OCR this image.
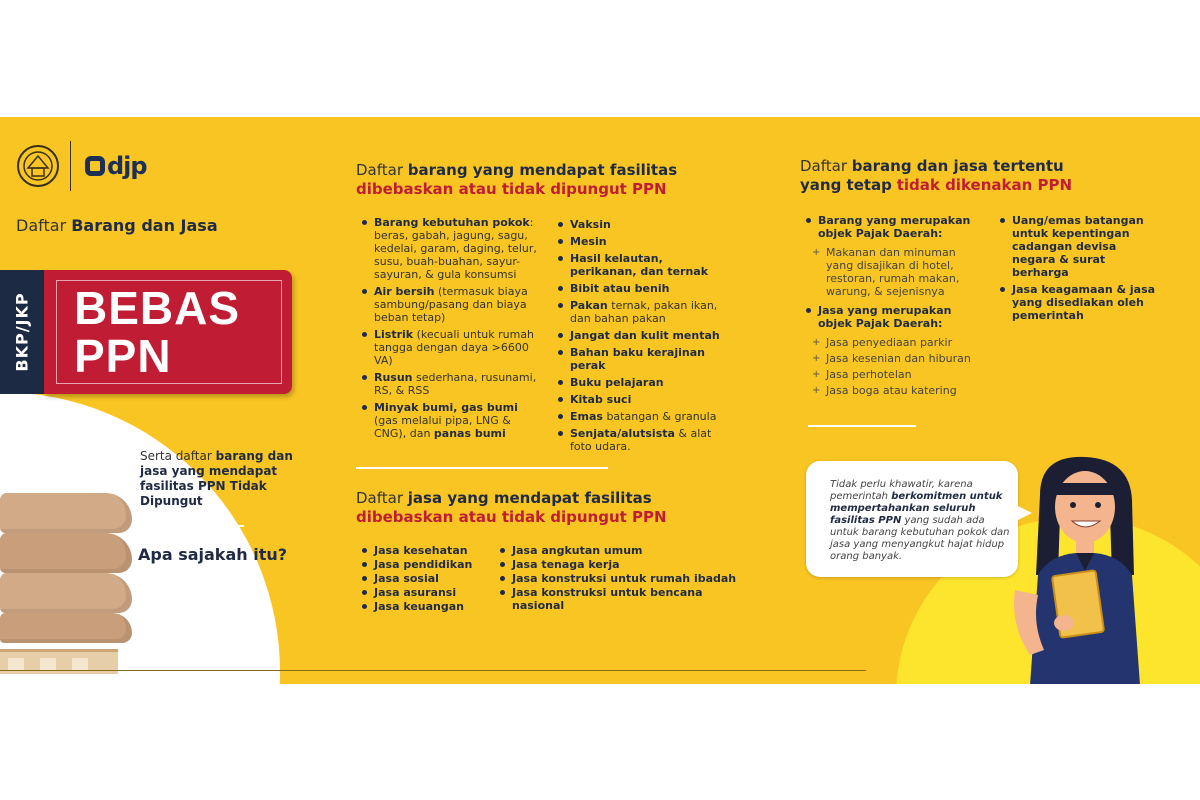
djp
Daftar Barang dan Jasa
BKP/JKP BEBAS
PPN
Serta daftar barang dan jasa yang mendapat fasilitas PPN Tidak Dipungut
Apa sajakah itu?
Daftar barang yang mendapat fasilitas
dibebaskan atau tidak dipungut PPN
Barang kebutuhan pokok: beras, gabah, jagung, sagu, kedelai, garam, daging, telur, susu, buah-buahan, sayur-sayuran, & gula konsumsi
Air bersih (termasuk biaya sambung/pasang dan biaya beban tetap)
Listrik (kecuali untuk rumah tangga dengan daya >6600 VA)
Rusun sederhana, rusunami, RS, & RSS
Minyak bumi, gas bumi (gas melalui pipa, LNG & CNG), dan panas bumi
Vaksin
Mesin
Hasil kelautan, perikanan, dan ternak
Bibit atau benih
Pakan ternak, pakan ikan, dan bahan pakan
Jangat dan kulit mentah
Bahan baku kerajinan perak
Buku pelajaran
Kitab suci
Emas batangan & granula
Senjata/alutsista & alat foto udara.
Daftar jasa yang mendapat fasilitas
dibebaskan atau tidak dipungut PPN
Jasa kesehatan
Jasa pendidikan
Jasa sosial
Jasa asuransi
Jasa keuangan
Jasa angkutan umum
Jasa tenaga kerja
Jasa konstruksi untuk rumah ibadah
Jasa konstruksi untuk bencana nasional
Daftar barang dan jasa tertentu
yang tetap tidak dikenakan PPN
Barang yang merupakan objek Pajak Daerah:
+ Makanan dan minuman yang disajikan di hotel, restoran, rumah makan, warung, & sejenisnya
Jasa yang merupakan objek Pajak Daerah:
+ Jasa penyediaan parkir
+ Jasa kesenian dan hiburan
+ Jasa perhotelan
+ Jasa boga atau katering
Uang/emas batangan untuk kepentingan cadangan devisa negara & surat berharga
Jasa keagamaan & jasa yang disediakan oleh pemerintah
Tidak perlu khawatir, karena pemerintah berkomitmen untuk mempertahankan seluruh fasilitas PPN yang sudah ada untuk barang kebutuhan pokok dan jasa yang menyangkut hajat hidup orang banyak.
